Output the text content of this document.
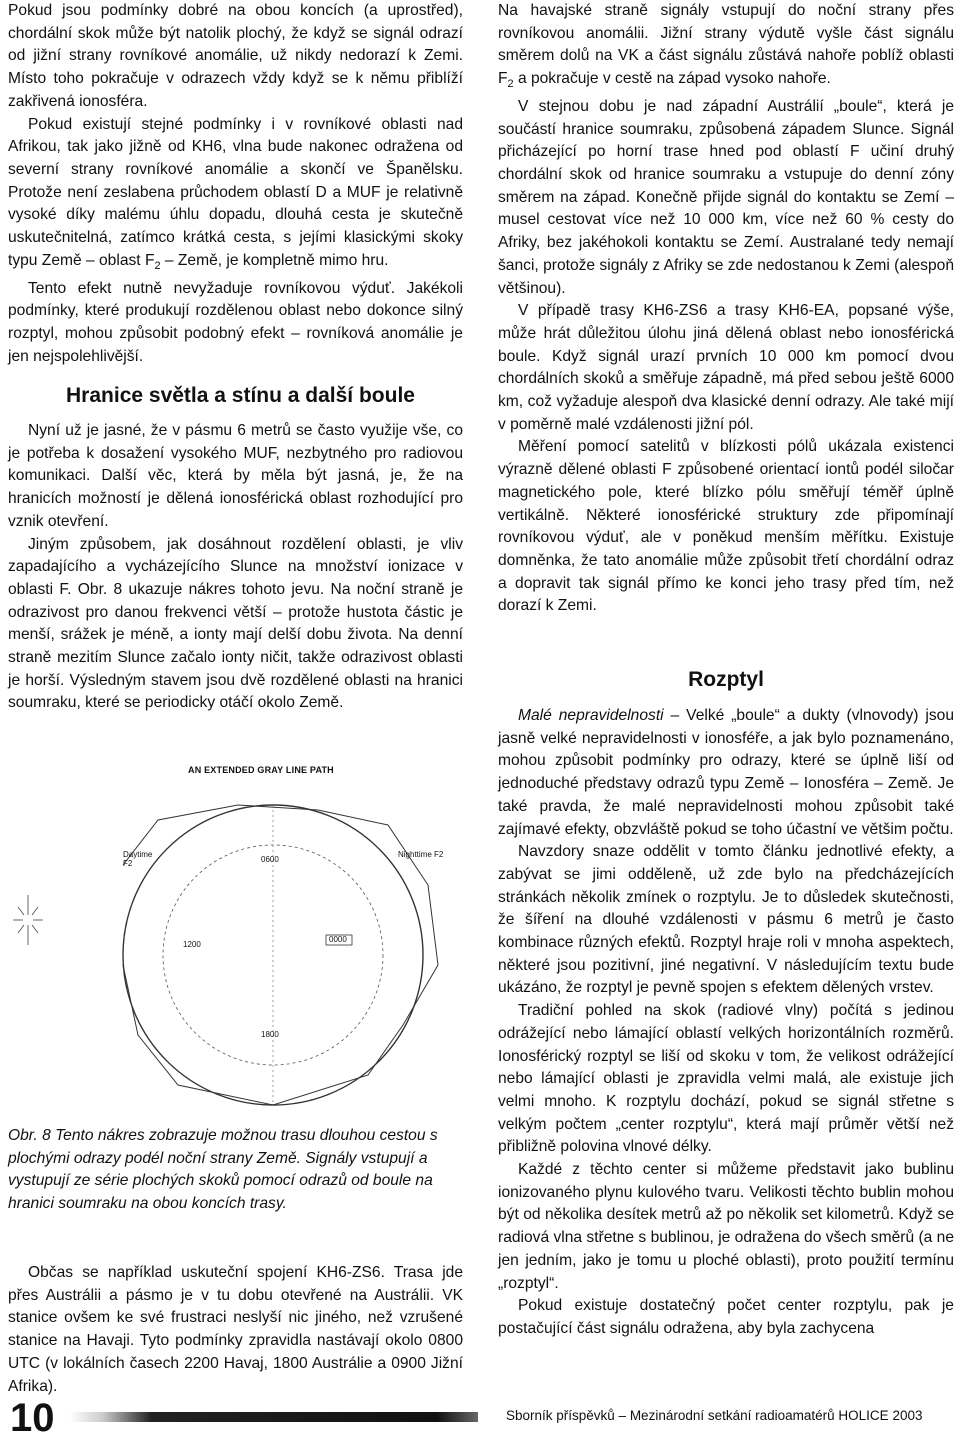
Pokud jsou podmínky dobré na obou koncích (a uprostřed), chordální skok může být natolik plochý, že když se signál odrazí od jižní strany rovníkové anomálie, už nikdy nedorazí k Zemi. Místo toho pokračuje v odrazech vždy když se k němu přiblíží zakřivená ionosféra.

Pokud existují stejné podmínky i v rovníkové oblasti nad Afrikou, tak jako jižně od KH6, vlna bude nakonec odražena od severní strany rovníkové anomálie a skončí ve Španělsku. Protože není zeslabena průchodem oblastí D a MUF je relativně vysoké díky malému úhlu dopadu, dlouhá cesta je skutečně uskutečnitelná, zatímco krátká cesta, s jejími klasickými skoky typu Země – oblast $F_2$ – Země, je kompletně mimo hru.

Tento efekt nutně nevyžaduje rovníkovou výduť. Jakékoli podmínky, které produkují rozdělenou oblast nebo dokonce silný rozptyl, mohou způsobit podobný efekt – rovníková anomálie je jen nejspolehlivější.

Hranice světla a stínu a další boule

Nyní už je jasné, že v pásmu 6 metrů se často využije vše, co je potřeba k dosažení vysokého MUF, nezbytného pro radiovou komunikaci. Další věc, která by měla být jasná, je, že na hranicích možností je dělená ionosférická oblast rozhodující pro vznik otevření.

Jiným způsobem, jak dosáhnout rozdělení oblasti, je vliv zapadajícího a vycházejícího Slunce na množství ionizace v oblasti F. Obr. 8 ukazuje nákres tohoto jevu. Na noční straně je odrazivost pro danou frekvenci větší – protože hustota částic je menší, srážek je méně, a ionty mají delší dobu života. Na denní straně mezitím Slunce začalo ionty ničit, takže odrazivost oblasti je horší. Výsledným stavem jsou dvě rozdělené oblasti na hranici soumraku, které se periodicky otáčí okolo Země.

AN EXTENDED GRAY LINE PATH
Daytime F2
Nighttime F2
0600
1200
0000
1800
Obr. 8 Tento nákres zobrazuje možnou trasu dlouhou cestou s plochými odrazy podél noční strany Země. Signály vstupují a vystupují ze série plochých skoků pomocí odrazů od boule na hranici soumraku na obou koncích trasy.

Občas se například uskuteční spojení KH6-ZS6. Trasa jde přes Austrálii a pásmo je v tu dobu otevřené na Austrálii. VK stanice ovšem ke své frustraci neslyší nic jiného, než vzrušené stanice na Havaji. Tyto podmínky zpravidla nastávají okolo 0800 UTC (v lokálních časech 2200 Havaj, 1800 Austrálie a 0900 Jižní Afrika).

Na havajské straně signály vstupují do noční strany přes rovníkovou anomálii. Jižní strany výdutě vyšle část signálu směrem dolů na VK a část signálu zůstává nahoře poblíž oblasti $F_2$ a pokračuje v cestě na západ vysoko nahoře.

V stejnou dobu je nad západní Austrálií „boule“, která je součástí hranice soumraku, způsobená západem Slunce. Signál přicházející po horní trase hned pod oblastí F učiní druhý chordální skok od hranice soumraku a vstupuje do denní zóny směrem na západ. Konečně přijde signál do kontaktu se Zemí – musel cestovat více než 10 000 km, více než 60 % cesty do Afriky, bez jakéhokoli kontaktu se Zemí. Australané tedy nemají šanci, protože signály z Afriky se zde nedostanou k Zemi (alespoň většinou).

V případě trasy KH6-ZS6 a trasy KH6-EA, popsané výše, může hrát důležitou úlohu jiná dělená oblast nebo ionosférická boule. Když signál urazí prvních 10 000 km pomocí dvou chordálních skoků a směřuje západně, má před sebou ještě 6000 km, což vyžaduje alespoň dva klasické denní odrazy. Ale také mijí v poměrně malé vzdálenosti jižní pól.

Měření pomocí satelitů v blízkosti pólů ukázala existenci výrazně dělené oblasti F způsobené orientací iontů podél siločar magnetického pole, které blízko pólu směřují téměř úplně vertikálně. Některé ionosférické struktury zde připomínají rovníkovou výduť, ale v poněkud menším měřítku. Existuje domněnka, že tato anomálie může způsobit třetí chordální odraz a dopravit tak signál přímo ke konci jeho trasy před tím, než dorazí k Zemi.

Rozptyl

Malé nepravidelnosti – Velké „boule“ a dukty (vlnovody) jsou jasně velké nepravidelnosti v ionosféře, a jak bylo poznamenáno, mohou způsobit podmínky pro odrazy, které se úplně liší od jednoduché představy odrazů typu Země – Ionosféra – Země. Je také pravda, že malé nepravidelnosti mohou způsobit také zajímavé efekty, obzvláště pokud se toho účastní ve většim počtu.

Navzdory snaze oddělit v tomto článku jednotlivé efekty, a zabývat se jimi odděleně, už zde bylo na předcházejících stránkách několik zmínek o rozptylu. Je to důsledek skutečnosti, že šíření na dlouhé vzdálenosti v pásmu 6 metrů je často kombinace různých efektů. Rozptyl hraje roli v mnoha aspektech, některé jsou pozitivní, jiné negativní. V následujícím textu bude ukázáno, že rozptyl je pevně spojen s efektem dělených vrstev.

Tradiční pohled na skok (radiové vlny) počítá s jedinou odrážející nebo lámající oblastí velkých horizontálních rozměrů. Ionosférický rozptyl se liší od skoku v tom, že velikost odrážející nebo lámající oblasti je zpravidla velmi malá, ale existuje jich velmi mnoho. K rozptylu dochází, pokud se signál střetne s velkým počtem „center rozptylu“, která mají průměr větší než přibližně polovina vlnové délky.

Každé z těchto center si můžeme představit jako bublinu ionizovaného plynu kulového tvaru. Velikosti těchto bublin mohou být od několika desítek metrů až po několik set kilometrů. Když se radiová vlna střetne s bublinou, je odražena do všech směrů (a ne jen jedním, jako je tomu u ploché oblasti), proto použití termínu „rozptyl“.

Pokud existuje dostatečný počet center rozptylu, pak je postačující část signálu odražena, aby byla zachycena

10	Sborník příspěvků – Mezinárodní setkání radioamatérů HOLICE 2003
